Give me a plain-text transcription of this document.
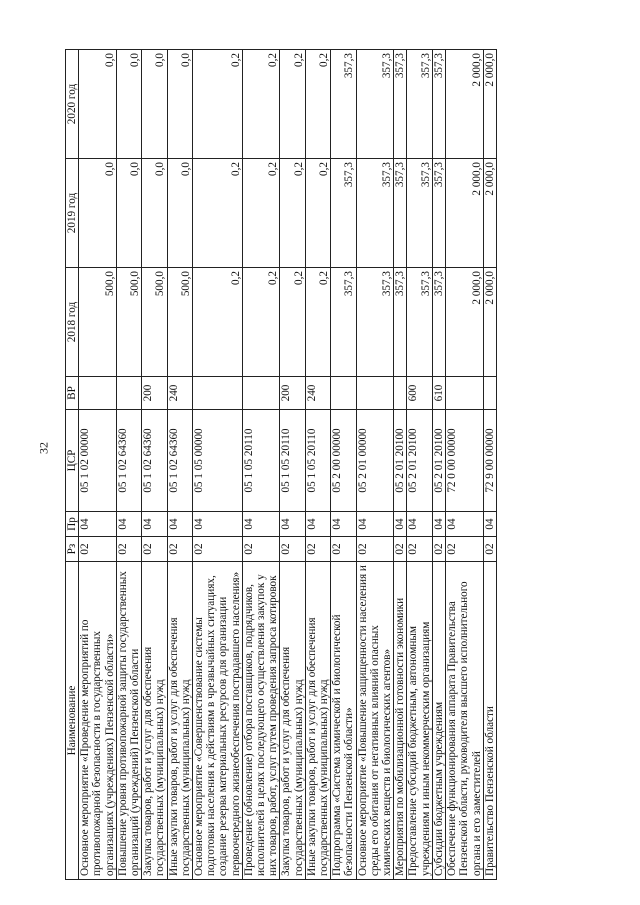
32
Наименование	Рз	Пр	ЦСР	ВР	2018 год	2019 год	2020 год
Основное мероприятие «Проведение мероприятий по противопожарной безопасности в государственных организациях (учреждениях) Пензенской области»	02	04	05 1 02 00000		500,0	0,0	0,0
Повышение уровня противопожарной защиты государственных организаций (учреждений) Пензенской области	02	04	05 1 02 64360		500,0	0,0	0,0
Закупка товаров, работ и услуг для обеспечения государственных (муниципальных) нужд	02	04	05 1 02 64360	200	500,0	0,0	0,0
Иные закупки товаров, работ и услуг для обеспечения государственных (муниципальных) нужд	02	04	05 1 02 64360	240	500,0	0,0	0,0
Основное мероприятие «Совершенствование системы подготовки населения к действиям в чрезвычайных ситуациях, создание резерва материальных ресурсов для организации первоочередного жизнеобеспечения пострадавшего населения»	02	04	05 1 05 00000		0,2	0,2	0,2
Проведение (обновление) отбора поставщиков, подрядчиков, исполнителей в целях последующего осуществления закупок у них товаров, работ, услуг путем проведения запроса котировок	02	04	05 1 05 20110		0,2	0,2	0,2
Закупка товаров, работ и услуг для обеспечения государственных (муниципальных) нужд	02	04	05 1 05 20110	200	0,2	0,2	0,2
Иные закупки товаров, работ и услуг для обеспечения государственных (муниципальных) нужд	02	04	05 1 05 20110	240	0,2	0,2	0,2
Подпрограмма «Система химической и биологической безопасности Пензенской области»	02	04	05 2 00 00000		357,3	357,3	357,3
Основное мероприятие «Повышение защищенности населения и среды его обитания от негативных влияний опасных химических веществ и биологических агентов»	02	04	05 2 01 00000		357,3	357,3	357,3
Мероприятия по мобилизационной готовности экономики	02	04	05 2 01 20100		357,3	357,3	357,3
Предоставление субсидий бюджетным, автономным учреждениям и иным некоммерческим организациям	02	04	05 2 01 20100	600	357,3	357,3	357,3
Субсидии бюджетным учреждениям	02	04	05 2 01 20100	610	357,3	357,3	357,3
Обеспечение функционирования аппарата Правительства Пензенской области, руководителя высшего исполнительного органа и его заместителей	02	04	72 0 00 00000		2 000,0	2 000,0	2 000,0
Правительство Пензенской области	02	04	72 9 00 00000		2 000,0	2 000,0	2 000,0
